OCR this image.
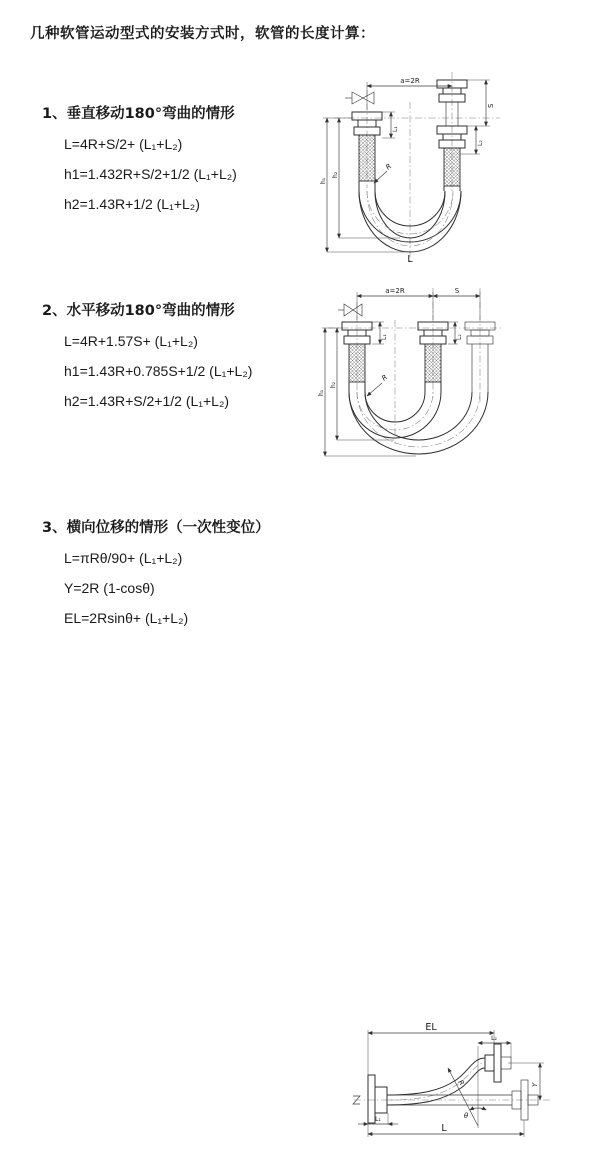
几种软管运动型式的安装方式时，软管的长度计算：
1、垂直移动180°弯曲的情形
L=4R+S/2+ (L₁+L₂)
h1=1.432R+S/2+1/2 (L₁+L₂)
h2=1.43R+1/2 (L₁+L₂)
a=2R
L₁
S
L₂
h₁
h₂
R
L
2、水平移动180°弯曲的情形
L=4R+1.57S+ (L₁+L₂)
h1=1.43R+0.785S+1/2 (L₁+L₂)
h2=1.43R+S/2+1/2 (L₁+L₂)
a=2R	S
L₁	L₂
h₁
h₂
R
3、横向位移的情形（一次性变位）
L=πRθ/90+ (L₁+L₂)
Y=2R (1-cosθ)
EL=2Rsinθ+ (L₁+L₂)
EL
L₂
Y
R
θ
L₁
L
